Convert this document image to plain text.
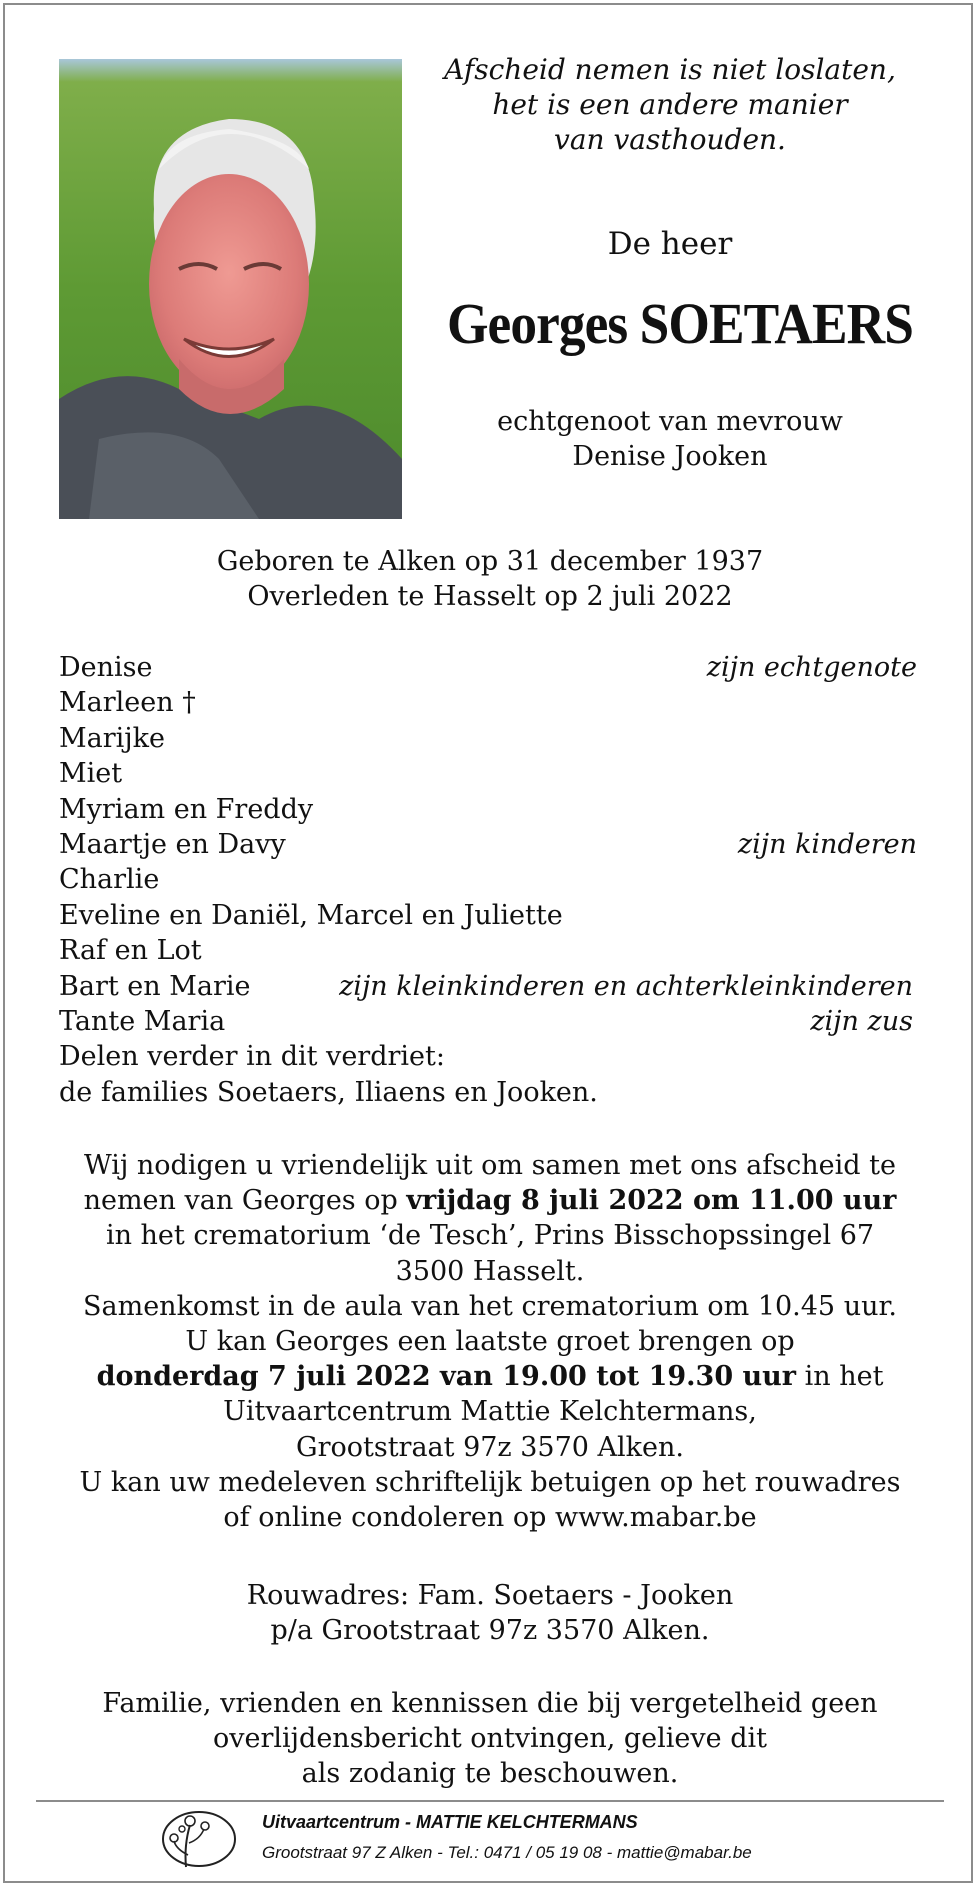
Afscheid nemen is niet loslaten,
het is een andere manier
van vasthouden.
De heer
Georges SOETAERS
echtgenoot van mevrouw
Denise Jooken
Geboren te Alken op 31 december 1937
Overleden te Hasselt op 2 juli 2022
Denise	zijn echtgenote
Marleen †
Marijke
Miet
Myriam en Freddy
Maartje en Davy	zijn kinderen
Charlie
Eveline en Daniël, Marcel en Juliette
Raf en Lot
Bart en Marie	zijn kleinkinderen en achterkleinkinderen
Tante Maria	zijn zus
Delen verder in dit verdriet:
de families Soetaers, Iliaens en Jooken.
Wij nodigen u vriendelijk uit om samen met ons afscheid te
nemen van Georges op vrijdag 8 juli 2022 om 11.00 uur
in het crematorium ‘de Tesch’, Prins Bisschopssingel 67
3500 Hasselt.
Samenkomst in de aula van het crematorium om 10.45 uur.
U kan Georges een laatste groet brengen op
donderdag 7 juli 2022 van 19.00 tot 19.30 uur in het
Uitvaartcentrum Mattie Kelchtermans,
Grootstraat 97z 3570 Alken.
U kan uw medeleven schriftelijk betuigen op het rouwadres
of online condoleren op www.mabar.be
Rouwadres: Fam. Soetaers - Jooken
p/a Grootstraat 97z 3570 Alken.
Familie, vrienden en kennissen die bij vergetelheid geen
overlijdensbericht ontvingen, gelieve dit
als zodanig te beschouwen.
Uitvaartcentrum - MATTIE KELCHTERMANS
Grootstraat 97 Z Alken - Tel.: 0471 / 05 19 08 - mattie@mabar.be
